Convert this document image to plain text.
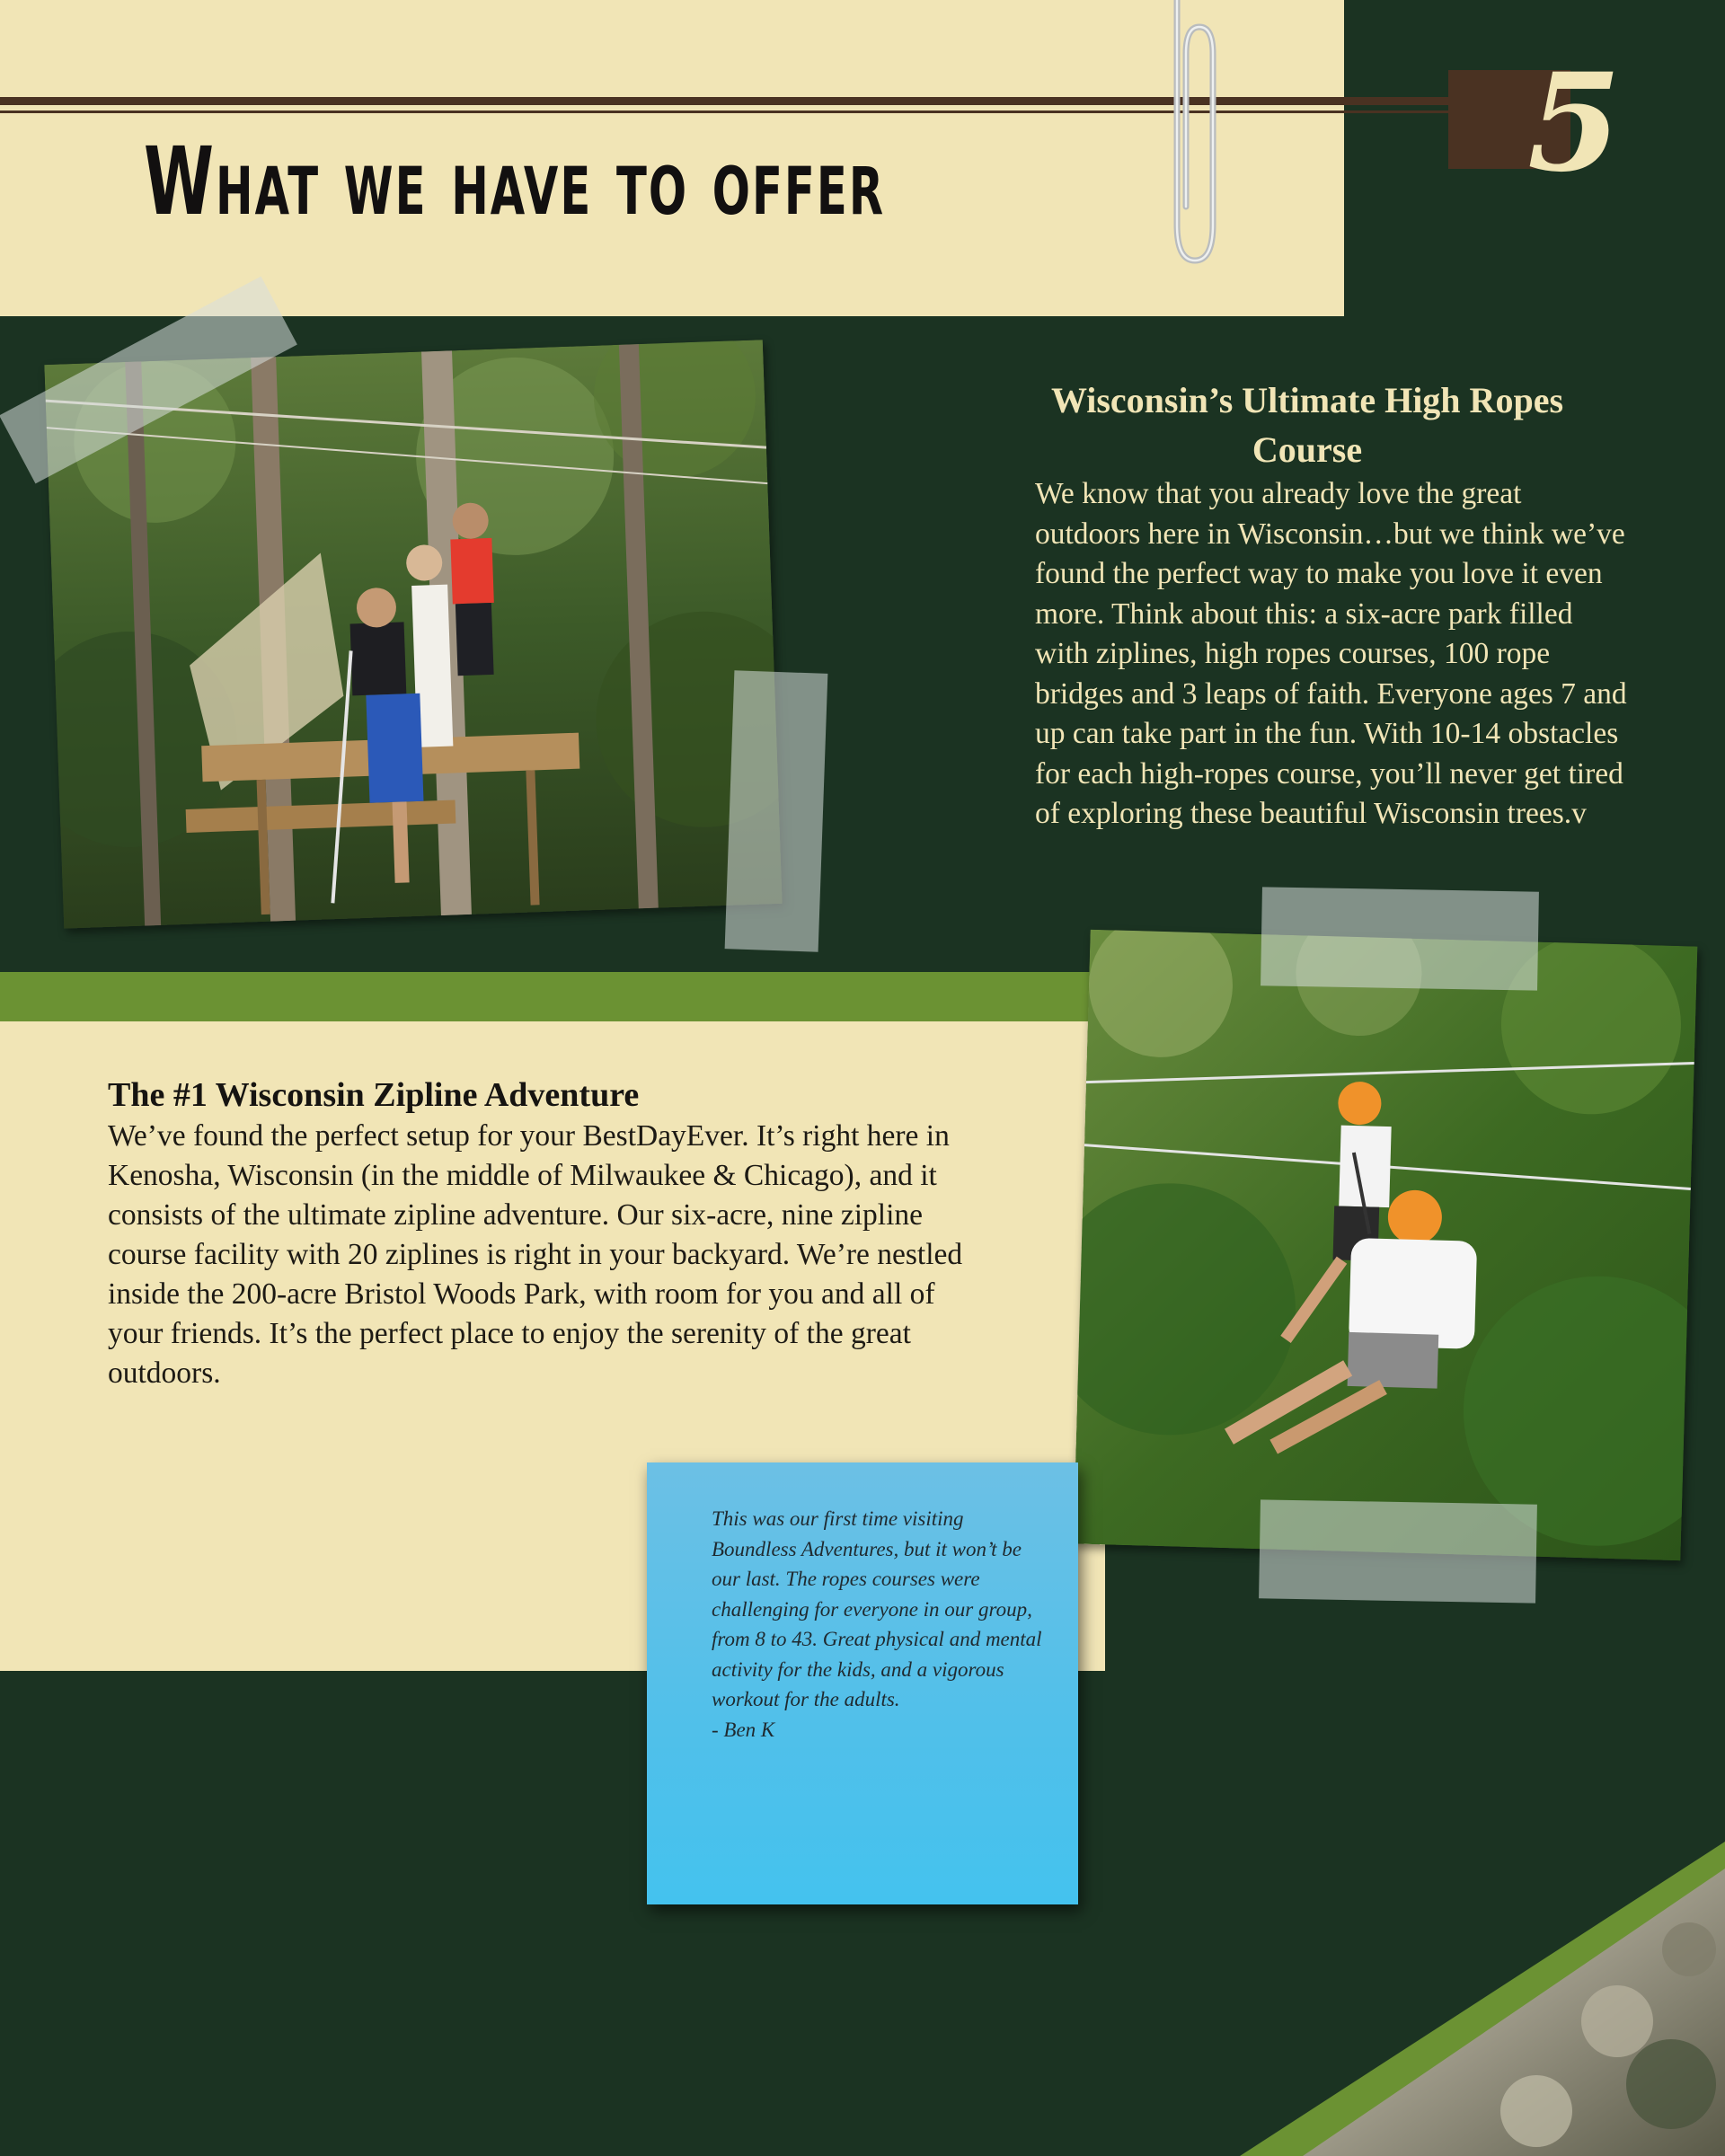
5
What we have to offer
Wisconsin’s Ultimate High Ropes Course
We know that you already love the great outdoors here in Wisconsin…but we think we’ve found the perfect way to make you love it even more. Think about this: a six-acre park filled with ziplines, high ropes courses, 100 rope bridges and 3 leaps of faith. Everyone ages 7 and up can take part in the fun. With 10-14 obstacles for each high-ropes course, you’ll never get tired of exploring these beautiful Wisconsin trees.v
The #1 Wisconsin Zipline Adventure
We’ve found the perfect setup for your BestDayEver. It’s right here in Kenosha, Wisconsin (in the middle of Milwaukee & Chicago), and it consists of the ultimate zipline adventure. Our six-acre, nine zipline course facility with 20 ziplines is right in your backyard. We’re nestled inside the 200-acre Bristol Woods Park, with room for you and all of your friends. It’s the perfect place to enjoy the serenity of the great outdoors.
This was our first time visiting Boundless Adventures, but it won’t be our last. The ropes courses were challenging for everyone in our group, from 8 to 43. Great physical and mental activity for the kids, and a vigorous workout for the adults.
- Ben K
